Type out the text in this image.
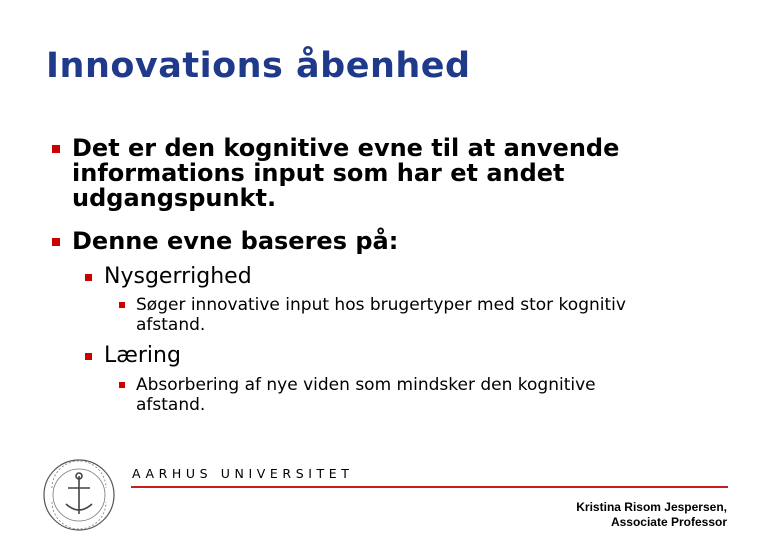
Innovations åbenhed
Det er den kognitive evne til at anvende
informations input som har et andet
udgangspunkt.
Denne evne baseres på:
Nysgerrighed
Søger innovative input hos brugertyper med stor kognitiv
afstand.
Læring
Absorbering af nye viden som mindsker den kognitive
afstand.
AARHUS UNIVERSITET
Kristina Risom Jespersen,
Associate Professor
